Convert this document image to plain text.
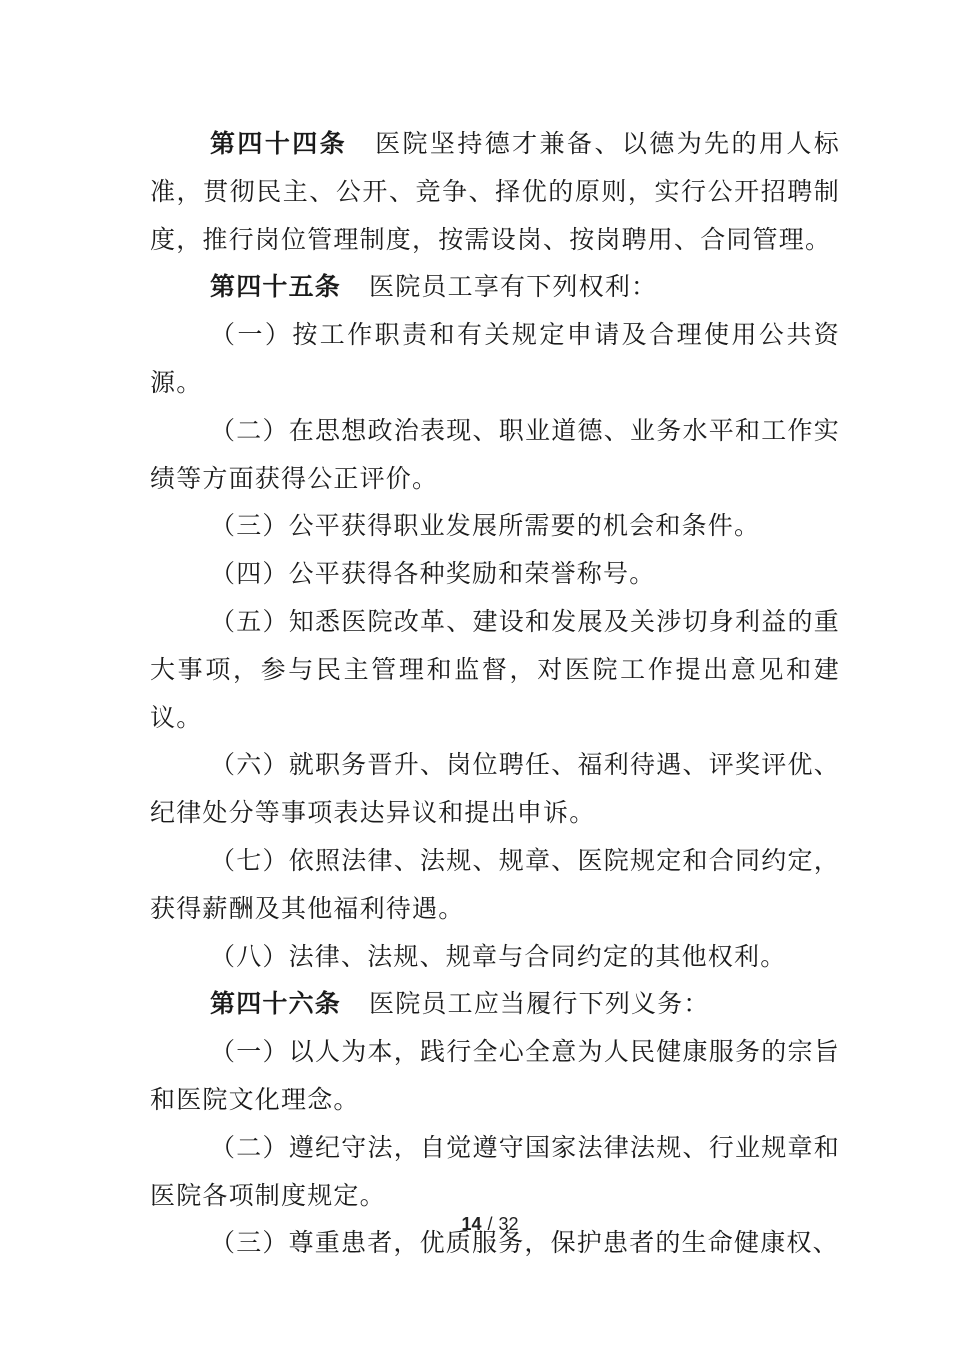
第四十四条 医院坚持德才兼备、以德为先的用人标准，贯彻民主、公开、竞争、择优的原则，实行公开招聘制度，推行岗位管理制度，按需设岗、按岗聘用、合同管理。

第四十五条 医院员工享有下列权利：

（一）按工作职责和有关规定申请及合理使用公共资源。

（二）在思想政治表现、职业道德、业务水平和工作实绩等方面获得公正评价。

（三）公平获得职业发展所需要的机会和条件。

（四）公平获得各种奖励和荣誉称号。

（五）知悉医院改革、建设和发展及关涉切身利益的重大事项，参与民主管理和监督，对医院工作提出意见和建议。

（六）就职务晋升、岗位聘任、福利待遇、评奖评优、纪律处分等事项表达异议和提出申诉。

（七）依照法律、法规、规章、医院规定和合同约定，获得薪酬及其他福利待遇。

（八）法律、法规、规章与合同约定的其他权利。

第四十六条 医院员工应当履行下列义务：

（一）以人为本，践行全心全意为人民健康服务的宗旨和医院文化理念。

（二）遵纪守法，自觉遵守国家法律法规、行业规章和医院各项制度规定。

（三）尊重患者，优质服务，保护患者的生命健康权、

14 / 32
